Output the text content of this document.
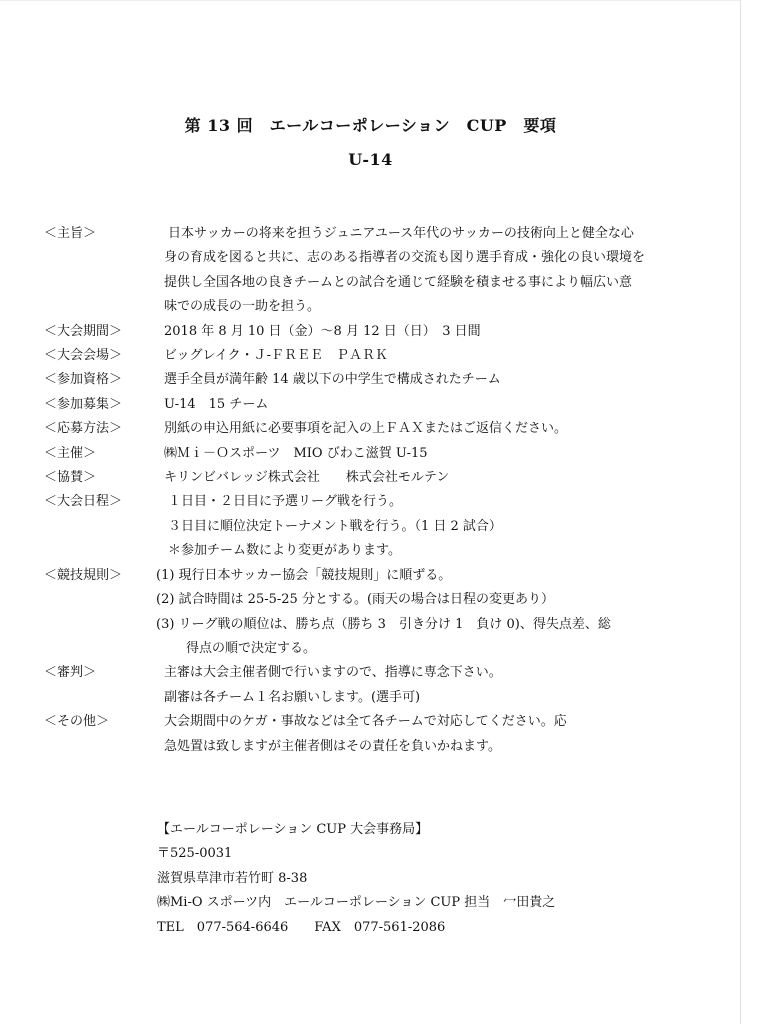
第 13 回　エールコーポレーション　CUP　要項
U-14
＜主旨＞	日本サッカーの将来を担うジュニアユース年代のサッカーの技術向上と健全な心
身の育成を図ると共に、志のある指導者の交流も図り選手育成・強化の良い環境を
提供し全国各地の良きチームとの試合を通じて経験を積ませる事により幅広い意
味での成長の一助を担う。
＜大会期間＞	2018 年 8 月 10 日（金）～8 月 12 日（日）　3 日間
＜大会会場＞	ビッグレイク・Ｊ-ＦＲＥＥ　ＰＡＲＫ
＜参加資格＞	選手全員が満年齢 14 歳以下の中学生で構成されたチーム
＜参加募集＞	U-14　15 チーム
＜応募方法＞	別紙の申込用紙に必要事項を記入の上ＦＡＸまたはご返信ください。
＜主催＞	㈱Ｍｉ－Ｏスポーツ　MIO びわこ滋賀 U-15
＜協賛＞	キリンビバレッジ株式会社　　株式会社モルテン
＜大会日程＞	１日目・２日目に予選リーグ戦を行う。
３日目に順位決定トーナメント戦を行う。（1 日 2 試合）
＊参加チーム数により変更があります。
＜競技規則＞	(1) 現行日本サッカー協会「競技規則」に順ずる。
(2) 試合時間は 25-5-25 分とする。(雨天の場合は日程の変更あり）
(3) リーグ戦の順位は、勝ち点（勝ち 3　引き分け 1　負け 0)、得失点差、総
得点の順で決定する。
＜審判＞	主審は大会主催者側で行いますので、指導に専念下さい。
副審は各チーム１名お願いします。(選手可)
＜その他＞	大会期間中のケガ・事故などは全て各チームで対応してください。応
急処置は致しますが主催者側はその責任を負いかねます。
【エールコーポレーション CUP 大会事務局】
〒525-0031
滋賀県草津市若竹町 8-38
㈱Mi-O スポーツ内　エールコーポレーション CUP 担当　冖田貴之
TEL　077-564-6646　　FAX　077-561-2086
